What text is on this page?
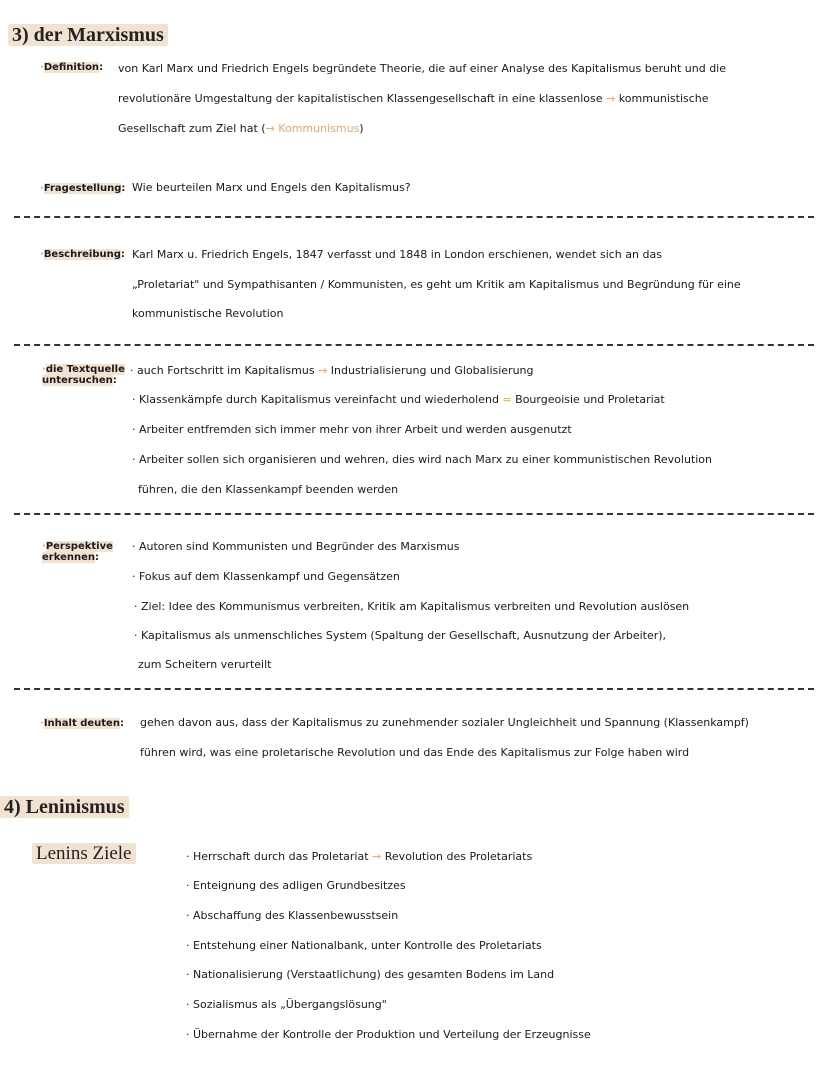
3) der Marxismus
·Definition: von Karl Marx und Friedrich Engels begründete Theorie, die auf einer Analyse des Kapitalismus beruht und die
revolutionäre Umgestaltung der kapitalistischen Klassengesellschaft in eine klassenlose → kommunistische
Gesellschaft zum Ziel hat (→ Kommunismus)
·Fragestellung: Wie beurteilen Marx und Engels den Kapitalismus?
·Beschreibung: Karl Marx u. Friedrich Engels, 1847 verfasst und 1848 in London erschienen, wendet sich an das
„Proletariat" und Sympathisanten / Kommunisten, es geht um Kritik am Kapitalismus und Begründung für eine
kommunistische Revolution
·die Textquelle
untersuchen:
· auch Fortschritt im Kapitalismus → Industrialisierung und Globalisierung
· Klassenkämpfe durch Kapitalismus vereinfacht und wiederholend = Bourgeoisie und Proletariat
· Arbeiter entfremden sich immer mehr von ihrer Arbeit und werden ausgenutzt
· Arbeiter sollen sich organisieren und wehren, dies wird nach Marx zu einer kommunistischen Revolution
führen, die den Klassenkampf beenden werden
·Perspektive
erkennen:
· Autoren sind Kommunisten und Begründer des Marxismus
· Fokus auf dem Klassenkampf und Gegensätzen
· Ziel: Idee des Kommunismus verbreiten, Kritik am Kapitalismus verbreiten und Revolution auslösen
· Kapitalismus als unmenschliches System (Spaltung der Gesellschaft, Ausnutzung der Arbeiter),
zum Scheitern verurteilt
·Inhalt deuten: gehen davon aus, dass der Kapitalismus zu zunehmender sozialer Ungleichheit und Spannung (Klassenkampf)
führen wird, was eine proletarische Revolution und das Ende des Kapitalismus zur Folge haben wird
4) Leninismus
Lenins Ziele	· Herrschaft durch das Proletariat → Revolution des Proletariats
· Enteignung des adligen Grundbesitzes
· Abschaffung des Klassenbewusstsein
· Entstehung einer Nationalbank, unter Kontrolle des Proletariats
· Nationalisierung (Verstaatlichung) des gesamten Bodens im Land
· Sozialismus als „Übergangslösung"
· Übernahme der Kontrolle der Produktion und Verteilung der Erzeugnisse
